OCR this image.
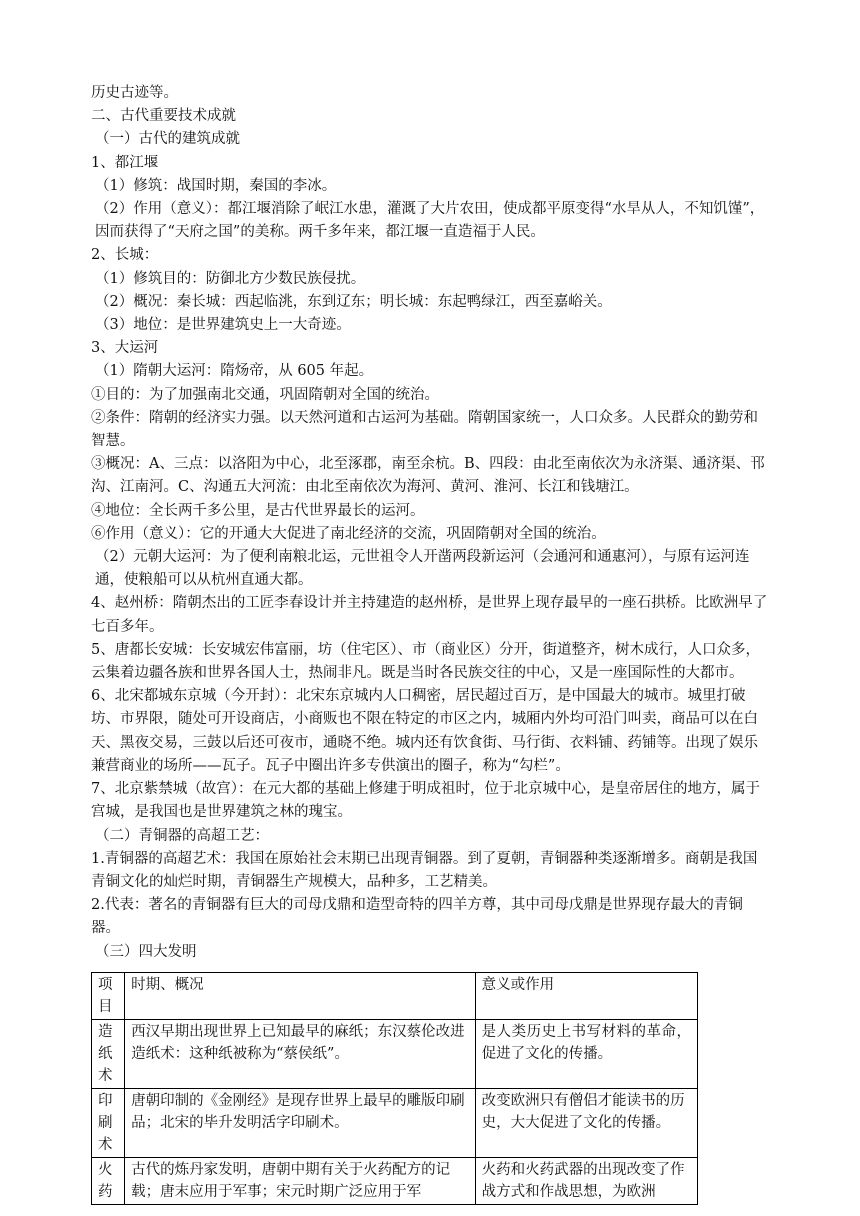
历史古迹等。

二、古代重要技术成就

（一）古代的建筑成就

1、都江堰

（1）修筑：战国时期，秦国的李冰。

（2）作用（意义）：都江堰消除了岷江水患，灌溉了大片农田，使成都平原变得“水旱从人，不知饥馑”，因而获得了“天府之国”的美称。两千多年来，都江堰一直造福于人民。

2、长城：

（1）修筑目的：防御北方少数民族侵扰。

（2）概况：秦长城：西起临洮，东到辽东；明长城：东起鸭绿江，西至嘉峪关。

（3）地位：是世界建筑史上一大奇迹。

3、大运河

（1）隋朝大运河：隋炀帝，从 605 年起。

①目的：为了加强南北交通，巩固隋朝对全国的统治。

②条件：隋朝的经济实力强。以天然河道和古运河为基础。隋朝国家统一，人口众多。人民群众的勤劳和智慧。

③概况：A、三点：以洛阳为中心，北至涿郡，南至余杭。B、四段：由北至南依次为永济渠、通济渠、邗沟、江南河。C、沟通五大河流：由北至南依次为海河、黄河、淮河、长江和钱塘江。

④地位：全长两千多公里，是古代世界最长的运河。

⑥作用（意义）：它的开通大大促进了南北经济的交流，巩固隋朝对全国的统治。

（2）元朝大运河：为了便利南粮北运，元世祖令人开凿两段新运河（会通河和通惠河），与原有运河连通，使粮船可以从杭州直通大都。

4、赵州桥：隋朝杰出的工匠李春设计并主持建造的赵州桥，是世界上现存最早的一座石拱桥。比欧洲早了七百多年。

5、唐都长安城：长安城宏伟富丽，坊（住宅区）、市（商业区）分开，街道整齐，树木成行，人口众多，云集着边疆各族和世界各国人士，热闹非凡。既是当时各民族交往的中心，又是一座国际性的大都市。

6、北宋都城东京城（今开封）：北宋东京城内人口稠密，居民超过百万，是中国最大的城市。城里打破坊、市界限，随处可开设商店，小商贩也不限在特定的市区之内，城厢内外均可沿门叫卖，商品可以在白天、黑夜交易，三鼓以后还可夜市，通晓不绝。城内还有饮食街、马行街、衣料铺、药铺等。出现了娱乐兼营商业的场所——瓦子。瓦子中圈出许多专供演出的圈子，称为“勾栏”。

7、北京紫禁城（故宫）：在元大都的基础上修建于明成祖时，位于北京城中心，是皇帝居住的地方，属于宫城，是我国也是世界建筑之林的瑰宝。

（二）青铜器的高超工艺：

1.青铜器的高超艺术：我国在原始社会末期已出现青铜器。到了夏朝，青铜器种类逐渐增多。商朝是我国青铜文化的灿烂时期，青铜器生产规模大，品种多，工艺精美。

2.代表：著名的青铜器有巨大的司母戊鼎和造型奇特的四羊方尊，其中司母戊鼎是世界现存最大的青铜器。

（三）四大发明

项目	时期、概况	意义或作用
造纸术	西汉早期出现世界上已知最早的麻纸；东汉蔡伦改进造纸术：这种纸被称为“蔡侯纸”。	是人类历史上书写材料的革命，促进了文化的传播。
印刷术	唐朝印制的《金刚经》是现存世界上最早的雕版印刷品；北宋的毕升发明活字印刷术。	改变欧洲只有僧侣才能读书的历史，大大促进了文化的传播。
火药	古代的炼丹家发明，唐朝中期有关于火药配方的记载；唐末应用于军事；宋元时期广泛应用于军	火药和火药武器的出现改变了作战方式和作战思想，为欧洲
